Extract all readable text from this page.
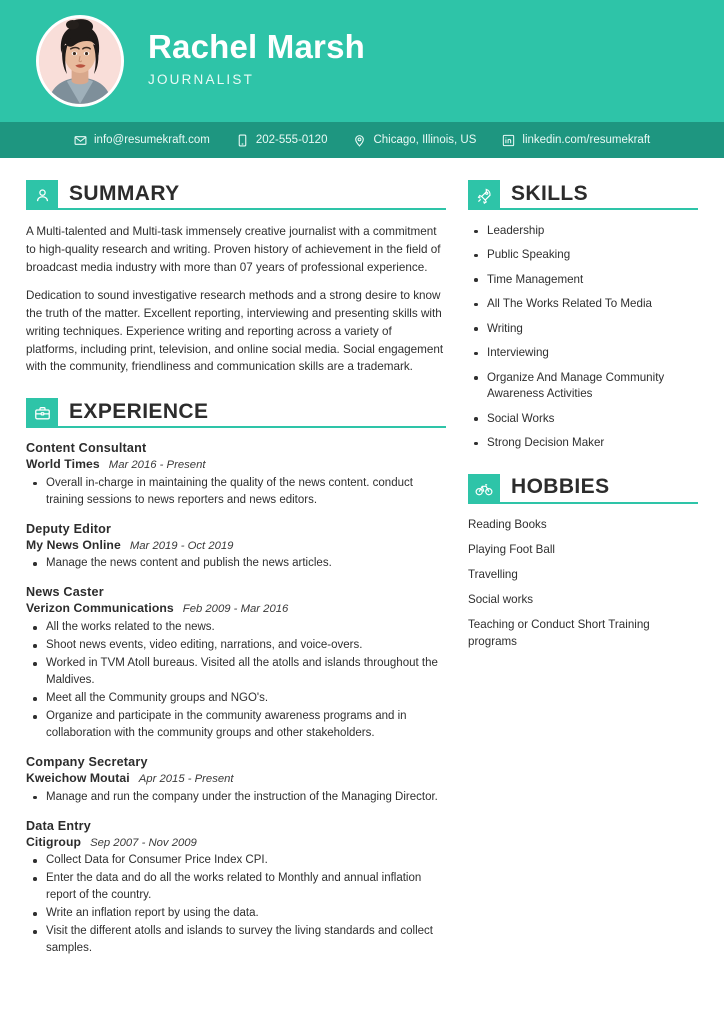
Rachel Marsh
JOURNALIST
info@resumekraft.com	202-555-0120	Chicago, Illinois, US	linkedin.com/resumekraft
SUMMARY

A Multi-talented and Multi-task immensely creative journalist with a commitment to high-quality research and writing. Proven history of achievement in the field of broadcast media industry with more than 07 years of professional experience.

Dedication to sound investigative research methods and a strong desire to know the truth of the matter. Excellent reporting, interviewing and presenting skills with writing techniques. Experience writing and reporting across a variety of platforms, including print, television, and online social media. Social engagement with the community, friendliness and communication skills are a trademark.

EXPERIENCE
Content Consultant
World Times Mar 2016 - Present
Overall in-charge in maintaining the quality of the news content. conduct training sessions to news reporters and news editors.
Deputy Editor
My News Online Mar 2019 - Oct 2019
Manage the news content and publish the news articles.
News Caster
Verizon Communications Feb 2009 - Mar 2016
All the works related to the news.
Shoot news events, video editing, narrations, and voice-overs.
Worked in TVM Atoll bureaus. Visited all the atolls and islands throughout the Maldives.
Meet all the Community groups and NGO's.
Organize and participate in the community awareness programs and in collaboration with the community groups and other stakeholders.
Company Secretary
Kweichow Moutai Apr 2015 - Present
Manage and run the company under the instruction of the Managing Director.
Data Entry
Citigroup Sep 2007 - Nov 2009
Collect Data for Consumer Price Index CPI.
Enter the data and do all the works related to Monthly and annual inflation report of the country.
Write an inflation report by using the data.
Visit the different atolls and islands to survey the living standards and collect samples.
SKILLS
Leadership
Public Speaking
Time Management
All The Works Related To Media
Writing
Interviewing
Organize And Manage Community Awareness Activities
Social Works
Strong Decision Maker
HOBBIES
Reading Books
Playing Foot Ball
Travelling
Social works
Teaching or Conduct Short Training programs
